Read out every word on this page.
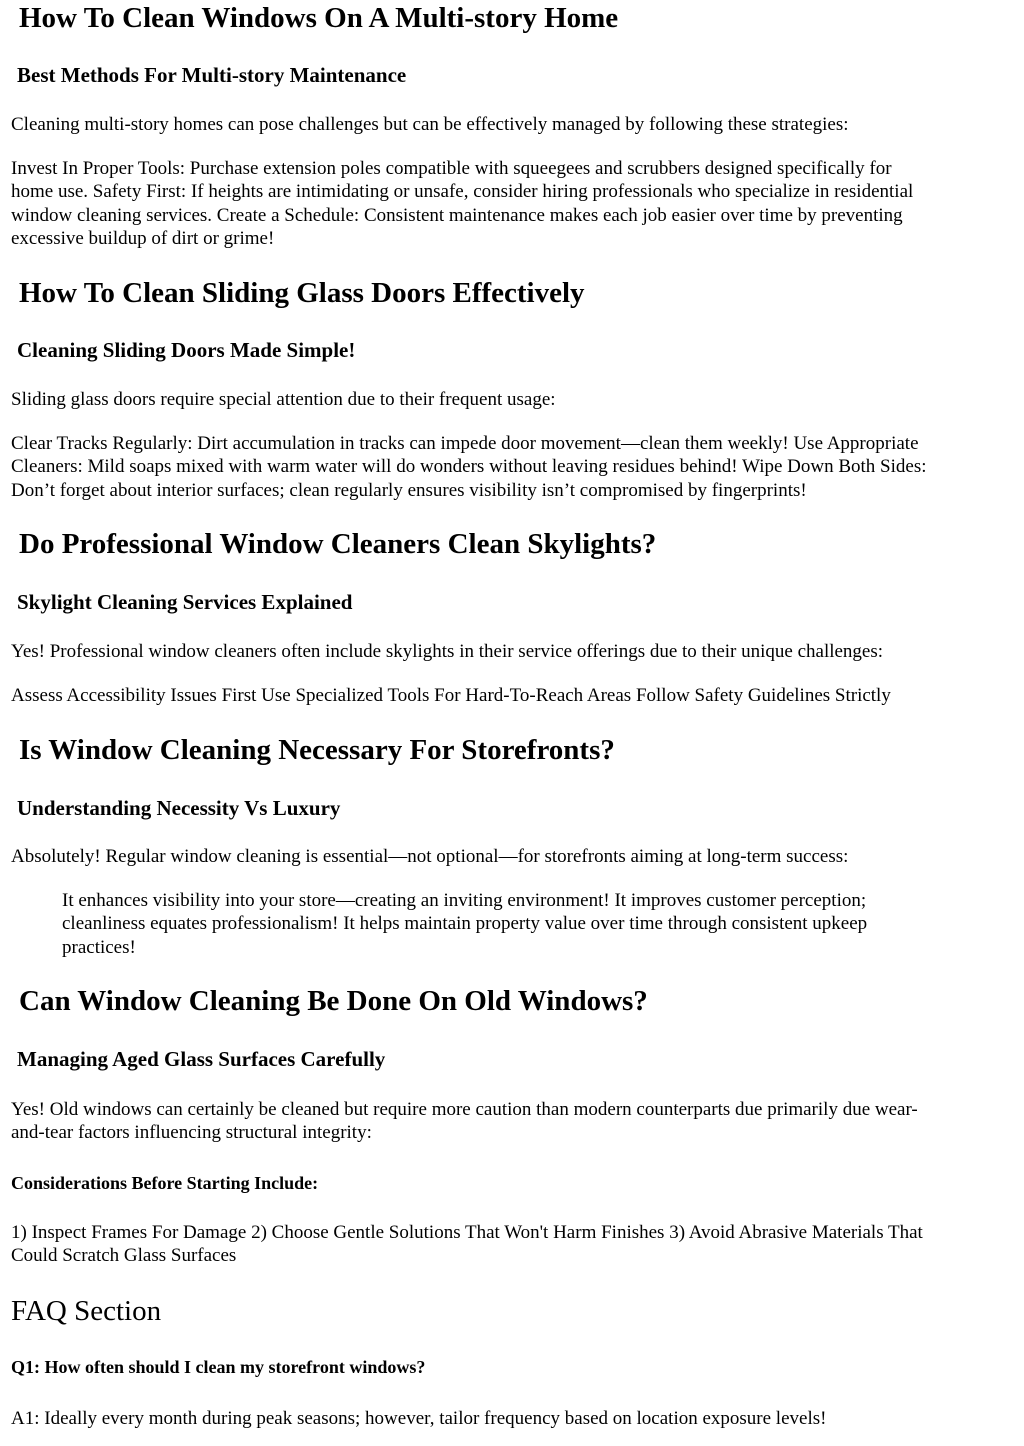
How To Clean Windows On A Multi-story Home
Best Methods For Multi-story Maintenance

Cleaning multi-story homes can pose challenges but can be effectively managed by following these strategies:

Invest In Proper Tools: Purchase extension poles compatible with squeegees and scrubbers designed specifically for
home use. Safety First: If heights are intimidating or unsafe, consider hiring professionals who specialize in residential
window cleaning services. Create a Schedule: Consistent maintenance makes each job easier over time by preventing
excessive buildup of dirt or grime!
How To Clean Sliding Glass Doors Effectively
Cleaning Sliding Doors Made Simple!

Sliding glass doors require special attention due to their frequent usage:

Clear Tracks Regularly: Dirt accumulation in tracks can impede door movement—clean them weekly! Use Appropriate
Cleaners: Mild soaps mixed with warm water will do wonders without leaving residues behind! Wipe Down Both Sides:
Don’t forget about interior surfaces; clean regularly ensures visibility isn’t compromised by fingerprints!
Do Professional Window Cleaners Clean Skylights?
Skylight Cleaning Services Explained

Yes! Professional window cleaners often include skylights in their service offerings due to their unique challenges:

Assess Accessibility Issues First Use Specialized Tools For Hard-To-Reach Areas Follow Safety Guidelines Strictly
Is Window Cleaning Necessary For Storefronts?
Understanding Necessity Vs Luxury

Absolutely! Regular window cleaning is essential—not optional—for storefronts aiming at long-term success:

It enhances visibility into your store—creating an inviting environment! It improves customer perception;
cleanliness equates professionalism! It helps maintain property value over time through consistent upkeep
practices!
Can Window Cleaning Be Done On Old Windows?
Managing Aged Glass Surfaces Carefully
Yes! Old windows can certainly be cleaned but require more caution than modern counterparts due primarily due wear-
and-tear factors influencing structural integrity:

Considerations Before Starting Include:

1) Inspect Frames For Damage 2) Choose Gentle Solutions That Won't Harm Finishes 3) Avoid Abrasive Materials That
Could Scratch Glass Surfaces
FAQ Section

Q1: How often should I clean my storefront windows?

A1: Ideally every month during peak seasons; however, tailor frequency based on location exposure levels!
